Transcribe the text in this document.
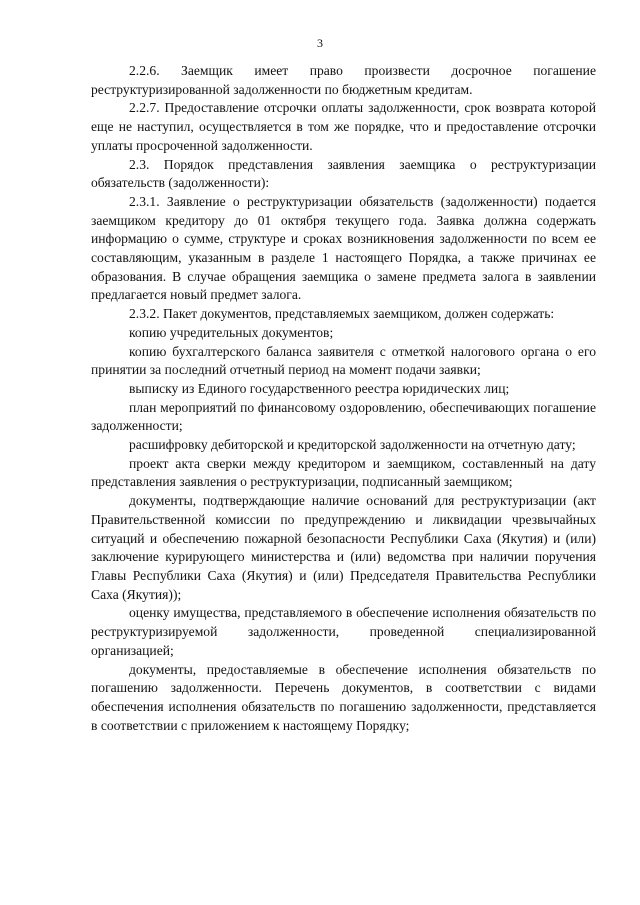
3

2.2.6. Заемщик имеет право произвести досрочное погашение реструктуризированной задолженности по бюджетным кредитам.

2.2.7. Предоставление отсрочки оплаты задолженности, срок возврата которой еще не наступил, осуществляется в том же порядке, что и предоставление отсрочки уплаты просроченной задолженности.

2.3. Порядок представления заявления заемщика о реструктуризации обязательств (задолженности):

2.3.1. Заявление о реструктуризации обязательств (задолженности) подается заемщиком кредитору до 01 октября текущего года. Заявка должна содержать информацию о сумме, структуре и сроках возникновения задолженности по всем ее составляющим, указанным в разделе 1 настоящего Порядка, а также причинах ее образования. В случае обращения заемщика о замене предмета залога в заявлении предлагается новый предмет залога.

2.3.2. Пакет документов, представляемых заемщиком, должен содержать:

копию учредительных документов;

копию бухгалтерского баланса заявителя с отметкой налогового органа о его принятии за последний отчетный период на момент подачи заявки;

выписку из Единого государственного реестра юридических лиц;

план мероприятий по финансовому оздоровлению, обеспечивающих погашение задолженности;

расшифровку дебиторской и кредиторской задолженности на отчетную дату;

проект акта сверки между кредитором и заемщиком, составленный на дату представления заявления о реструктуризации, подписанный заемщиком;

документы, подтверждающие наличие оснований для реструктуризации (акт Правительственной комиссии по предупреждению и ликвидации чрезвычайных ситуаций и обеспечению пожарной безопасности Республики Саха (Якутия) и (или) заключение курирующего министерства и (или) ведомства при наличии поручения Главы Республики Саха (Якутия) и (или) Председателя Правительства Республики Саха (Якутия));

оценку имущества, представляемого в обеспечение исполнения обязательств по реструктуризируемой задолженности, проведенной специализированной организацией;

документы, предоставляемые в обеспечение исполнения обязательств по погашению задолженности. Перечень документов, в соответствии с видами обеспечения исполнения обязательств по погашению задолженности, представляется в соответствии с приложением к настоящему Порядку;
